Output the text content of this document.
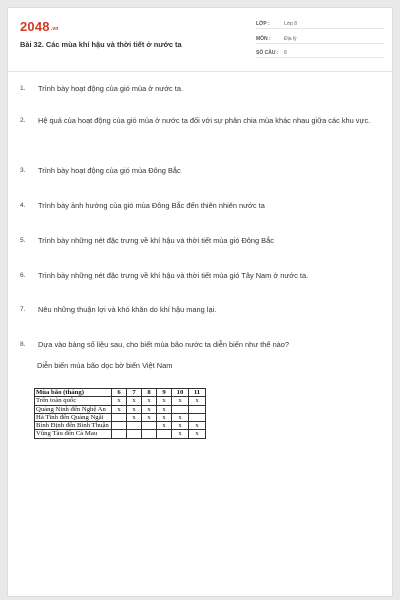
2048.vn
Bài 32. Các mùa khí hậu và thời tiết ở nước ta
LỚP :	Lớp 8
MÔN :	Địa lý
SỐ CÂU : 8
1.	Trình bày hoạt động của gió mùa ở nước ta.
2.	Hệ quả của hoạt động của gió mùa ở nước ta đối với sự phân chia mùa khác nhau giữa các khu vực.
3.	Trình bày hoạt động của gió mùa Đông Bắc
4.	Trình bày ảnh hưởng của gió mùa Đông Bắc đến thiên nhiên nước ta
5.	Trình bày những nét đặc trưng về khí hậu và thời tiết mùa gió Đông Bắc
6.	Trình bày những nét đặc trưng về khí hậu và thời tiết mùa gió Tây Nam ở nước ta.
7.	Nêu những thuận lợi và khó khăn do khí hậu mang lại.
8.	Dựa vào bảng số liệu sau, cho biết mùa bão nước ta diễn biến như thế nào?
Diễn biến mùa bão dọc bờ biển Việt Nam
Mùa bão (tháng)	6	7	8	9	10	11
Trên toàn quốc	x	x	x	x	x	x
Quảng Ninh đến Nghệ An	x	x	x	x		
Hà Tĩnh đến Quảng Ngãi		x	x	x	x	
Bình Định đến Bình Thuận				x	x	x
Vũng Tàu đến Cà Mau					x	x
